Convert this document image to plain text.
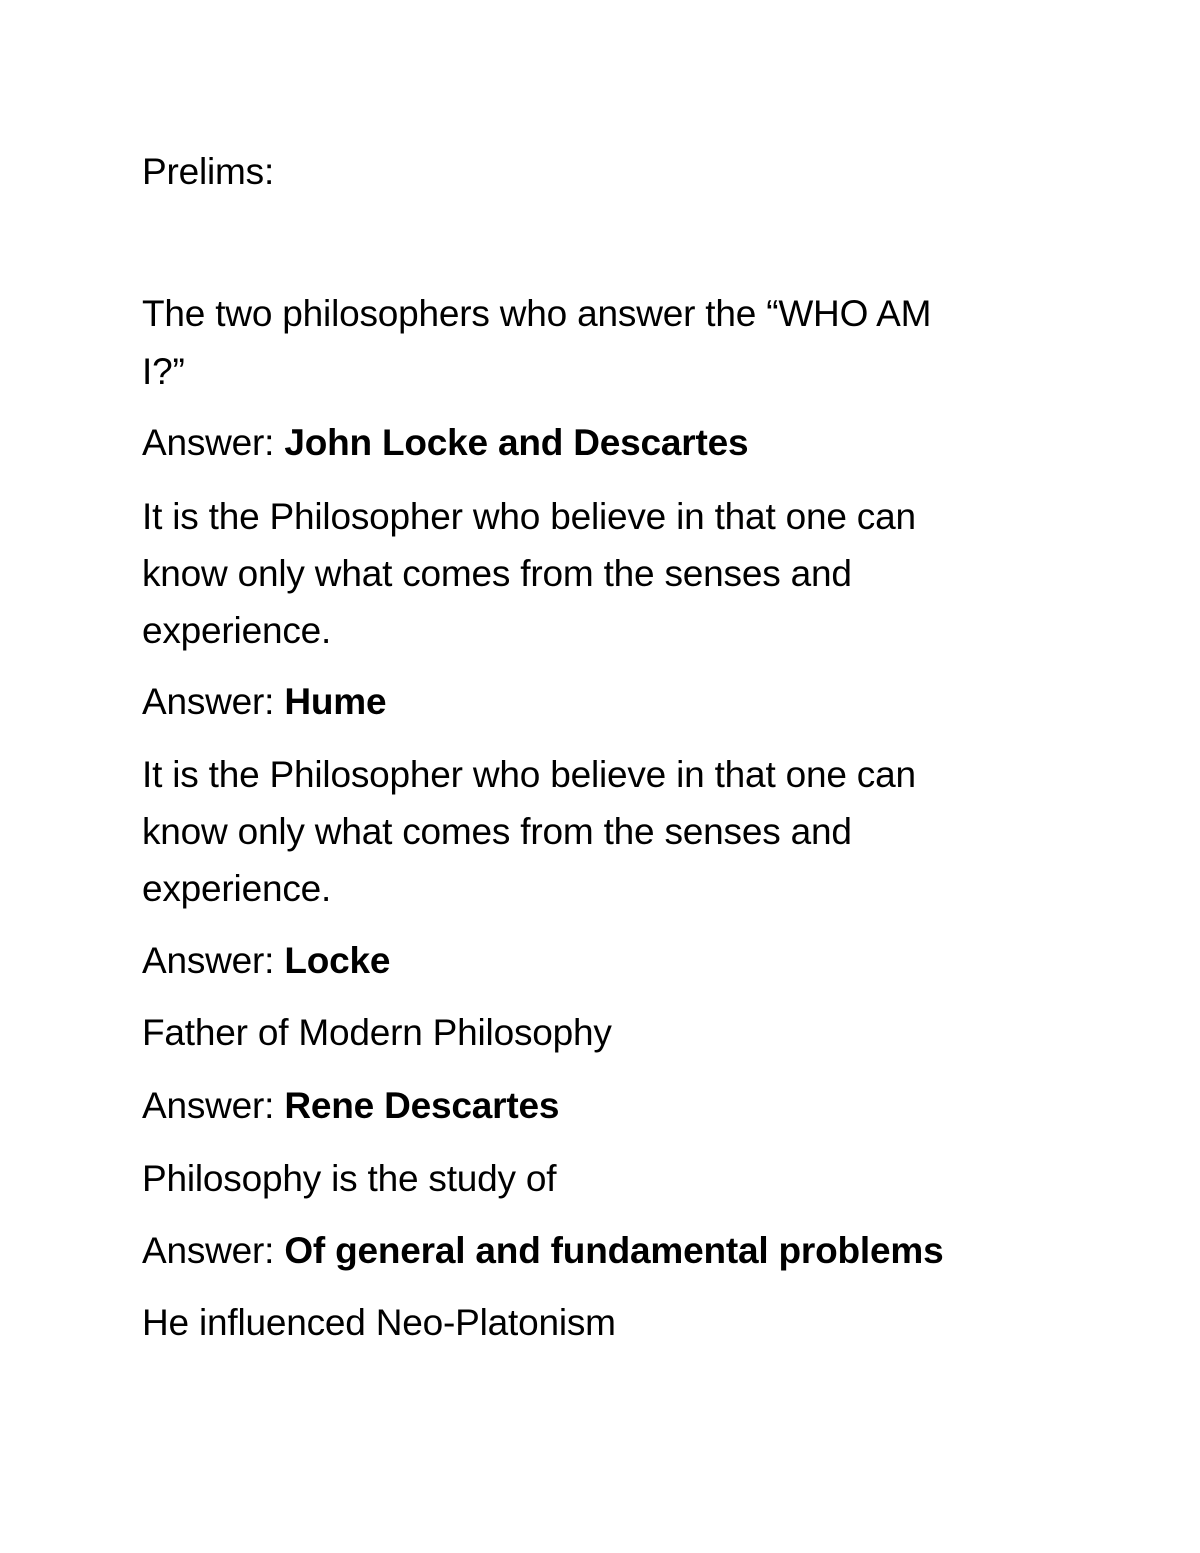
Prelims:
The two philosophers who answer the “WHO AM
I?”
Answer: John Locke and Descartes
It is the Philosopher who believe in that one can
know only what comes from the senses and
experience.
Answer: Hume
It is the Philosopher who believe in that one can
know only what comes from the senses and
experience.
Answer: Locke
Father of Modern Philosophy
Answer: Rene Descartes
Philosophy is the study of
Answer: Of general and fundamental problems
He influenced Neo-Platonism
